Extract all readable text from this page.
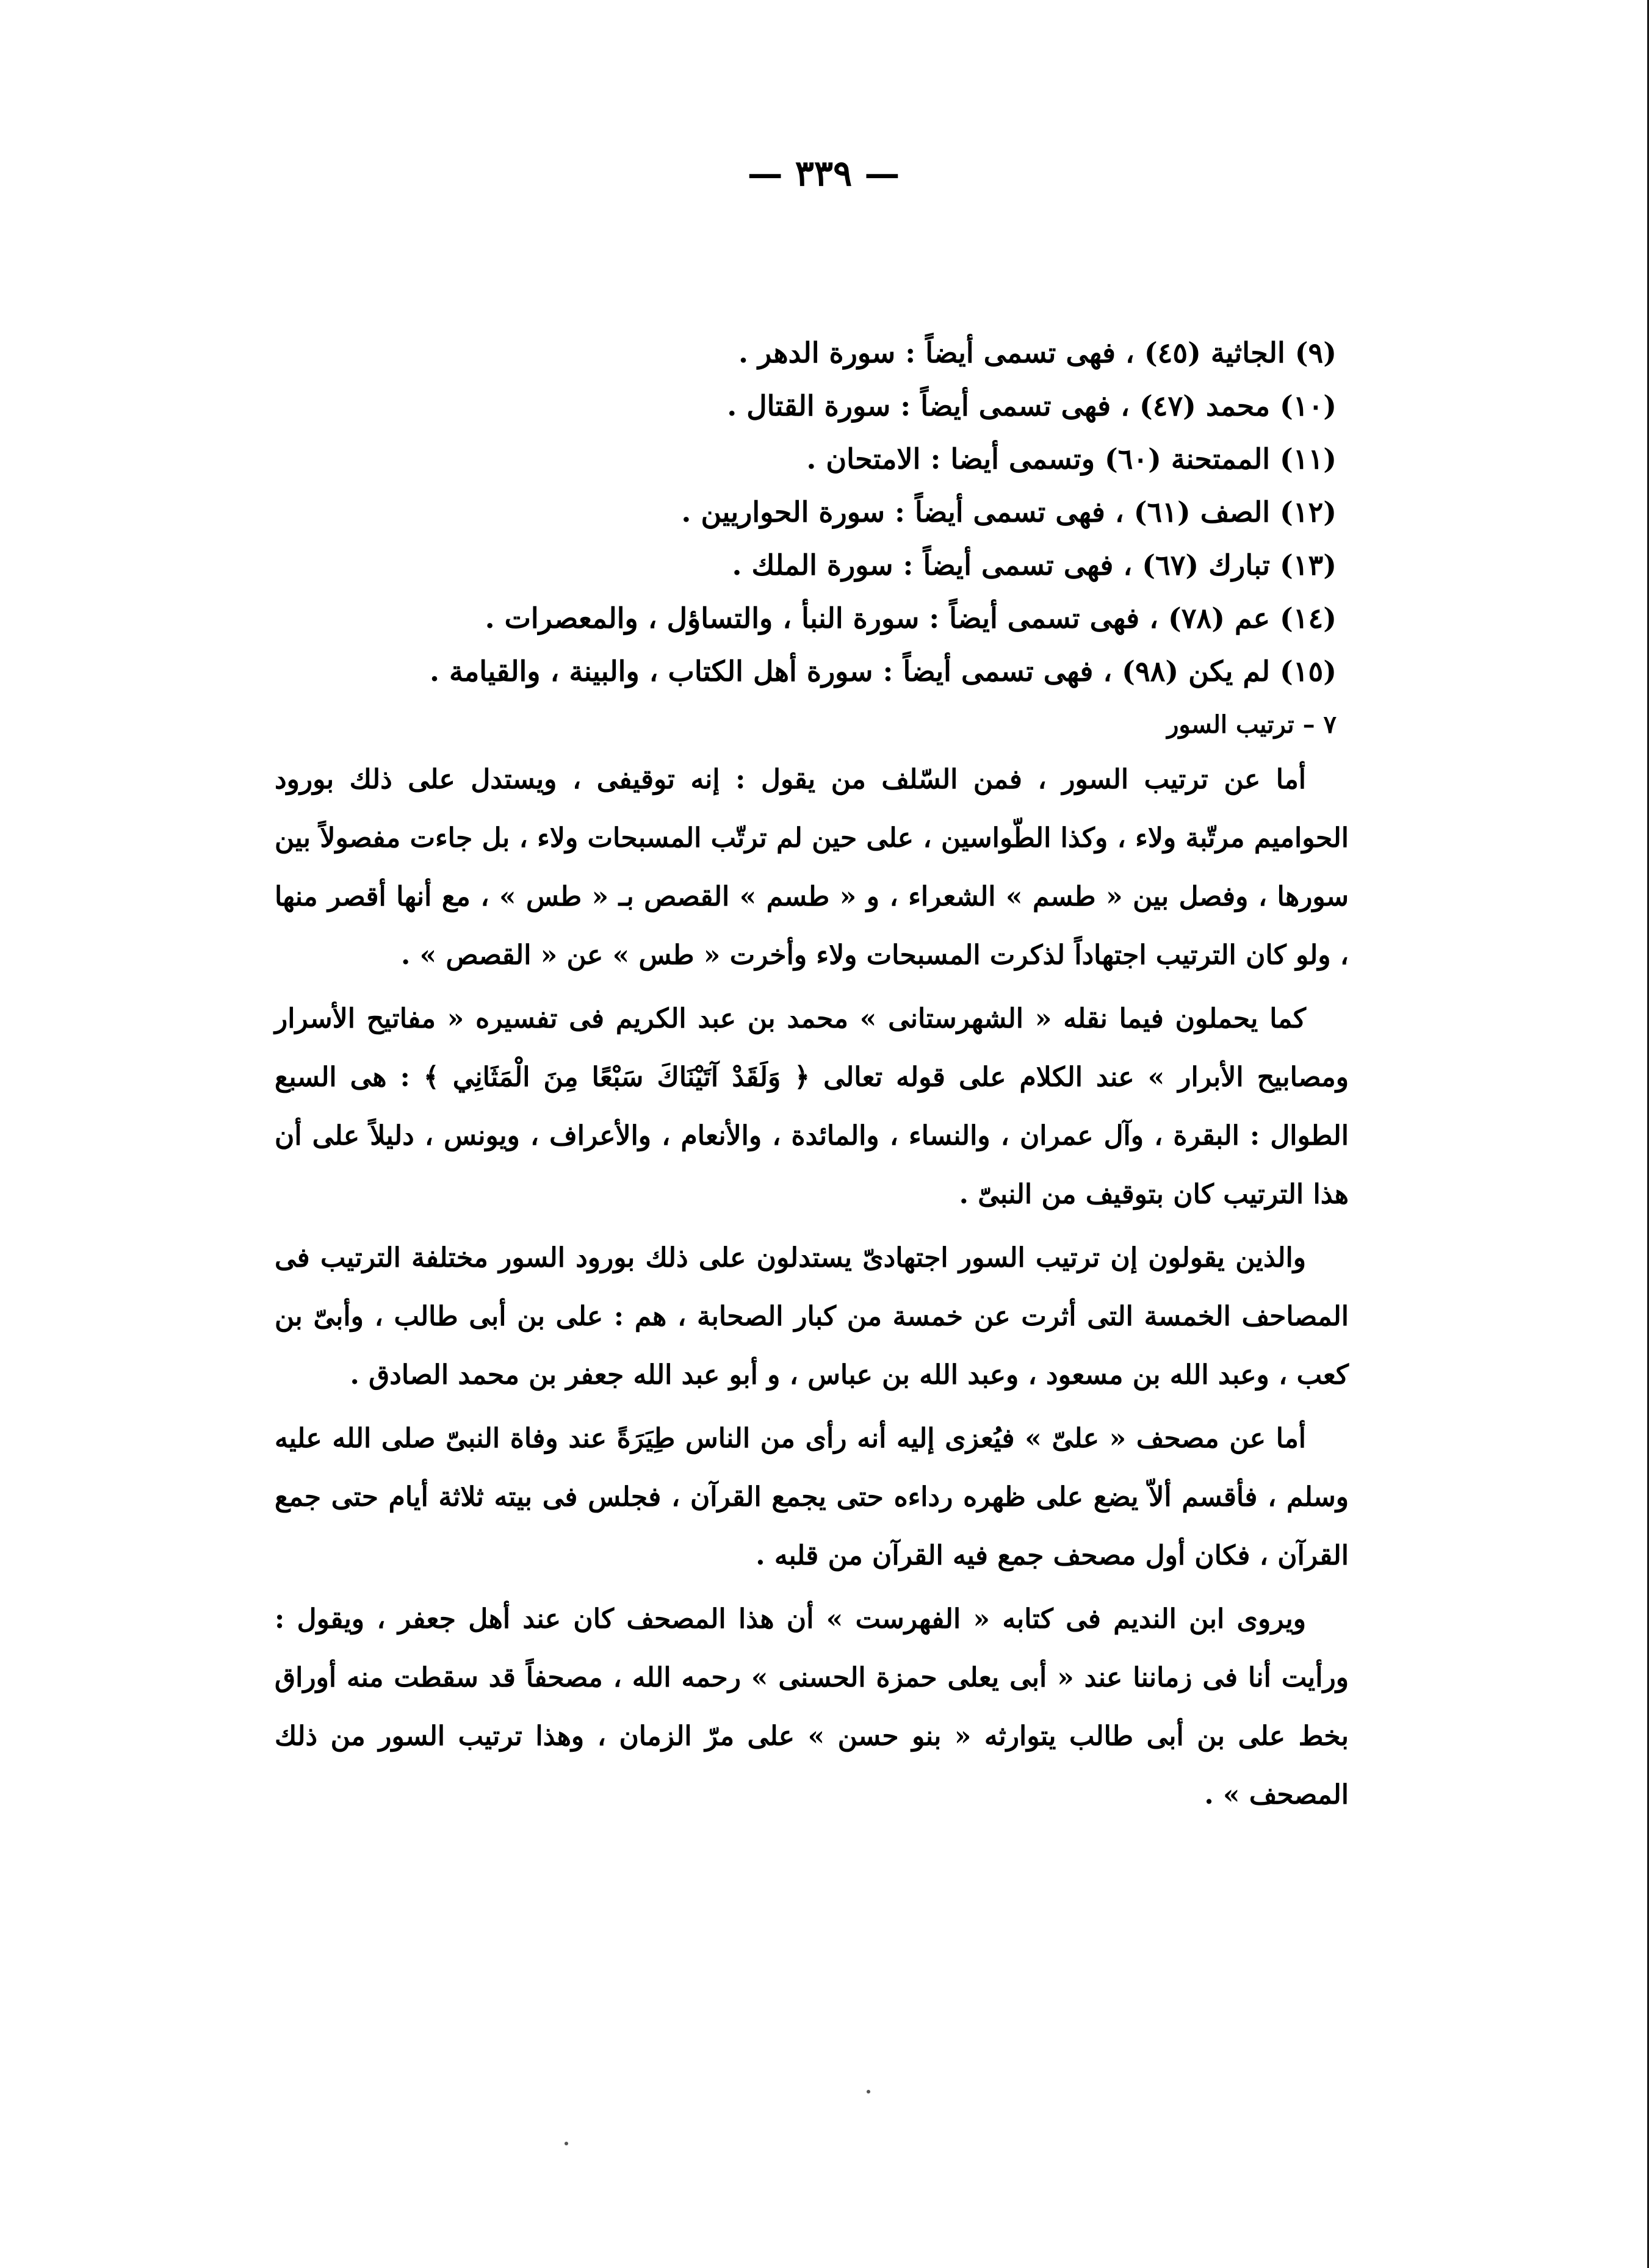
— ٣٣٩ —
(٩) الجاثية (٤٥) ، فهى تسمى أيضاً : سورة الدهر .
(١٠) محمد (٤٧) ، فهى تسمى أيضاً : سورة القتال .
(١١) الممتحنة (٦٠) وتسمى أيضا : الامتحان .
(١٢) الصف (٦١) ، فهى تسمى أيضاً : سورة الحواريين .
(١٣) تبارك (٦٧) ، فهى تسمى أيضاً : سورة الملك .
(١٤) عم (٧٨) ، فهى تسمى أيضاً : سورة النبأ ، والتساؤل ، والمعصرات .
(١٥) لم يكن (٩٨) ، فهى تسمى أيضاً : سورة أهل الكتاب ، والبينة ، والقيامة .
٧ – ترتيب السور

أما عن ترتيب السور ، فمن السّلف من يقول : إنه توقيفى ، ويستدل على ذلك بورود الحواميم مرتّبة ولاء ، وكذا الطّواسين ، على حين لم ترتّب المسبحات ولاء ، بل جاءت مفصولاً بين سورها ، وفصل بين « طسم » الشعراء ، و « طسم » القصص بـ « طس » ، مع أنها أقصر منها ، ولو كان الترتيب اجتهاداً لذكرت المسبحات ولاء وأخرت « طس » عن « القصص » .

كما يحملون فيما نقله « الشهرستانى » محمد بن عبد الكريم فى تفسيره « مفاتيح الأسرار ومصابيح الأبرار » عند الكلام على قوله تعالى ﴿ وَلَقَدْ آتَيْنَاكَ سَبْعًا مِنَ الْمَثَانِي ﴾ : هى السبع الطوال : البقرة ، وآل عمران ، والنساء ، والمائدة ، والأنعام ، والأعراف ، ويونس ، دليلاً على أن هذا الترتيب كان بتوقيف من النبىّ .

والذين يقولون إن ترتيب السور اجتهادىّ يستدلون على ذلك بورود السور مختلفة الترتيب فى المصاحف الخمسة التى أثرت عن خمسة من كبار الصحابة ، هم : على بن أبى طالب ، وأبىّ بن كعب ، وعبد الله بن مسعود ، وعبد الله بن عباس ، و أبو عبد الله جعفر بن محمد الصادق .

أما عن مصحف « علىّ » فيُعزى إليه أنه رأى من الناس طِيَرَةً عند وفاة النبىّ صلى الله عليه وسلم ، فأقسم ألاّ يضع على ظهره رداءه حتى يجمع القرآن ، فجلس فى بيته ثلاثة أيام حتى جمع القرآن ، فكان أول مصحف جمع فيه القرآن من قلبه .

ويروى ابن النديم فى كتابه « الفهرست » أن هذا المصحف كان عند أهل جعفر ، ويقول : ورأيت أنا فى زماننا عند « أبى يعلى حمزة الحسنى » رحمه الله ، مصحفاً قد سقطت منه أوراق بخط على بن أبى طالب يتوارثه « بنو حسن » على مرّ الزمان ، وهذا ترتيب السور من ذلك المصحف » .
